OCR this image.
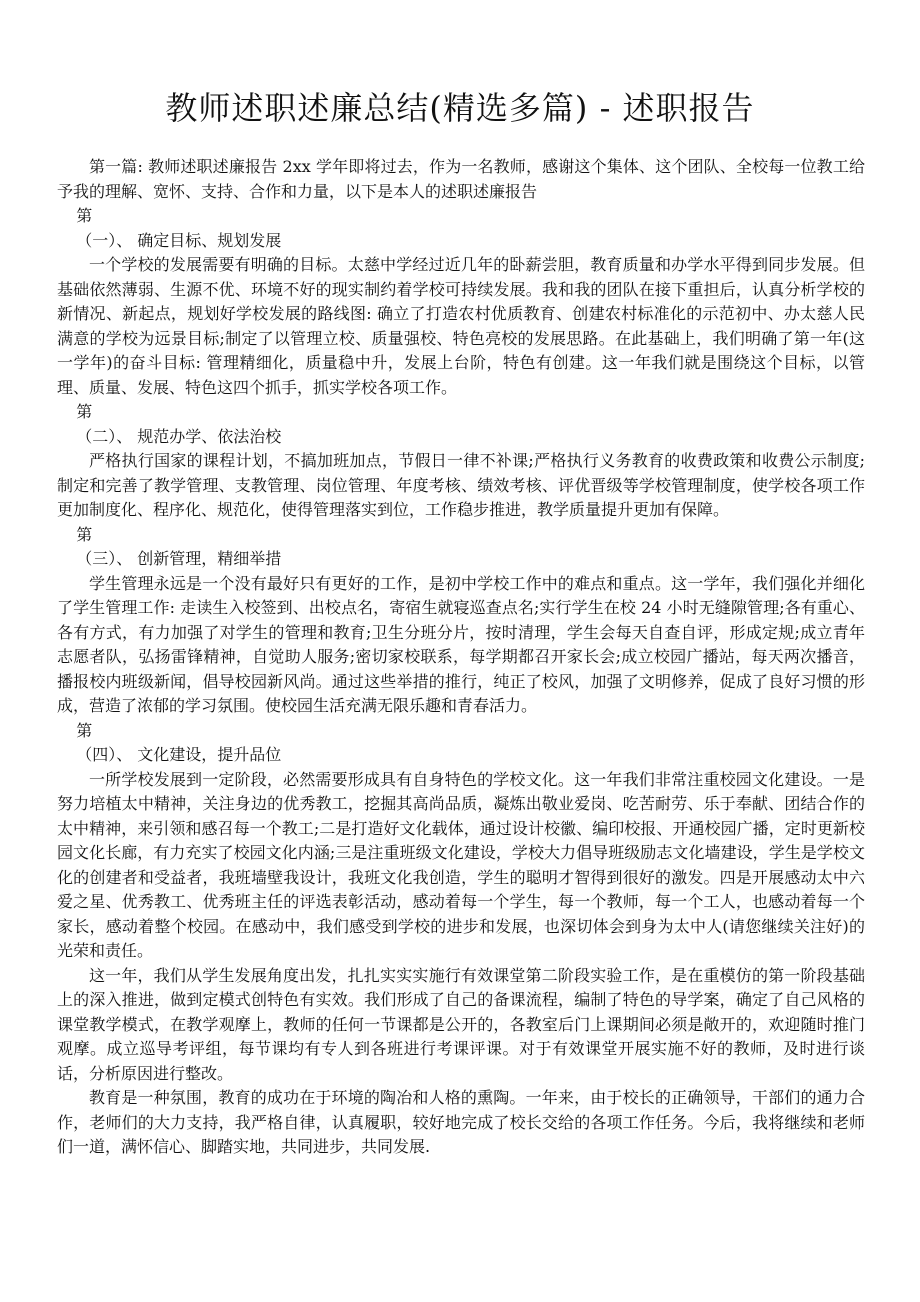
教师述职述廉总结(精选多篇) - 述职报告

第一篇: 教师述职述廉报告 2xx 学年即将过去，作为一名教师，感谢这个集体、这个团队、全校每一位教工给予我的理解、宽怀、支持、合作和力量，以下是本人的述职述廉报告

第
（一）、 确定目标、规划发展

一个学校的发展需要有明确的目标。太慈中学经过近几年的卧薪尝胆，教育质量和办学水平得到同步发展。但基础依然薄弱、生源不优、环境不好的现实制约着学校可持续发展。我和我的团队在接下重担后，认真分析学校的新情况、新起点，规划好学校发展的路线图: 确立了打造农村优质教育、创建农村标准化的示范初中、办太慈人民满意的学校为远景目标;制定了以管理立校、质量强校、特色亮校的发展思路。在此基础上，我们明确了第一年(这一学年)的奋斗目标: 管理精细化，质量稳中升，发展上台阶，特色有创建。这一年我们就是围绕这个目标，以管理、质量、发展、特色这四个抓手，抓实学校各项工作。

第
（二）、 规范办学、依法治校

严格执行国家的课程计划，不搞加班加点，节假日一律不补课;严格执行义务教育的收费政策和收费公示制度;制定和完善了教学管理、支教管理、岗位管理、年度考核、绩效考核、评优晋级等学校管理制度，使学校各项工作更加制度化、程序化、规范化，使得管理落实到位，工作稳步推进，教学质量提升更加有保障。

第
（三）、 创新管理，精细举措

学生管理永远是一个没有最好只有更好的工作，是初中学校工作中的难点和重点。这一学年，我们强化并细化了学生管理工作: 走读生入校签到、出校点名，寄宿生就寝巡查点名;实行学生在校 24 小时无缝隙管理;各有重心、各有方式，有力加强了对学生的管理和教育;卫生分班分片，按时清理，学生会每天自查自评，形成定规;成立青年志愿者队，弘扬雷锋精神，自觉助人服务;密切家校联系，每学期都召开家长会;成立校园广播站，每天两次播音，播报校内班级新闻，倡导校园新风尚。通过这些举措的推行，纯正了校风，加强了文明修养，促成了良好习惯的形成，营造了浓郁的学习氛围。使校园生活充满无限乐趣和青春活力。

第
（四）、 文化建设，提升品位

一所学校发展到一定阶段，必然需要形成具有自身特色的学校文化。这一年我们非常注重校园文化建设。一是努力培植太中精神，关注身边的优秀教工，挖掘其高尚品质，凝炼出敬业爱岗、吃苦耐劳、乐于奉献、团结合作的太中精神，来引领和感召每一个教工;二是打造好文化载体，通过设计校徽、编印校报、开通校园广播，定时更新校园文化长廊，有力充实了校园文化内涵;三是注重班级文化建设，学校大力倡导班级励志文化墙建设，学生是学校文化的创建者和受益者，我班墙壁我设计，我班文化我创造，学生的聪明才智得到很好的激发。四是开展感动太中六爱之星、优秀教工、优秀班主任的评选表彰活动，感动着每一个学生，每一个教师，每一个工人，也感动着每一个家长，感动着整个校园。在感动中，我们感受到学校的进步和发展，也深切体会到身为太中人(请您继续关注好)的光荣和责任。

这一年，我们从学生发展角度出发，扎扎实实实施行有效课堂第二阶段实验工作，是在重模仿的第一阶段基础上的深入推进，做到定模式创特色有实效。我们形成了自己的备课流程，编制了特色的导学案，确定了自己风格的课堂教学模式，在教学观摩上，教师的任何一节课都是公开的，各教室后门上课期间必须是敞开的，欢迎随时推门观摩。成立巡导考评组，每节课均有专人到各班进行考课评课。对于有效课堂开展实施不好的教师，及时进行谈话，分析原因进行整改。

教育是一种氛围，教育的成功在于环境的陶冶和人格的熏陶。一年来，由于校长的正确领导，干部们的通力合作，老师们的大力支持，我严格自律，认真履职，较好地完成了校长交给的各项工作任务。今后，我将继续和老师们一道，满怀信心、脚踏实地，共同进步，共同发展.
